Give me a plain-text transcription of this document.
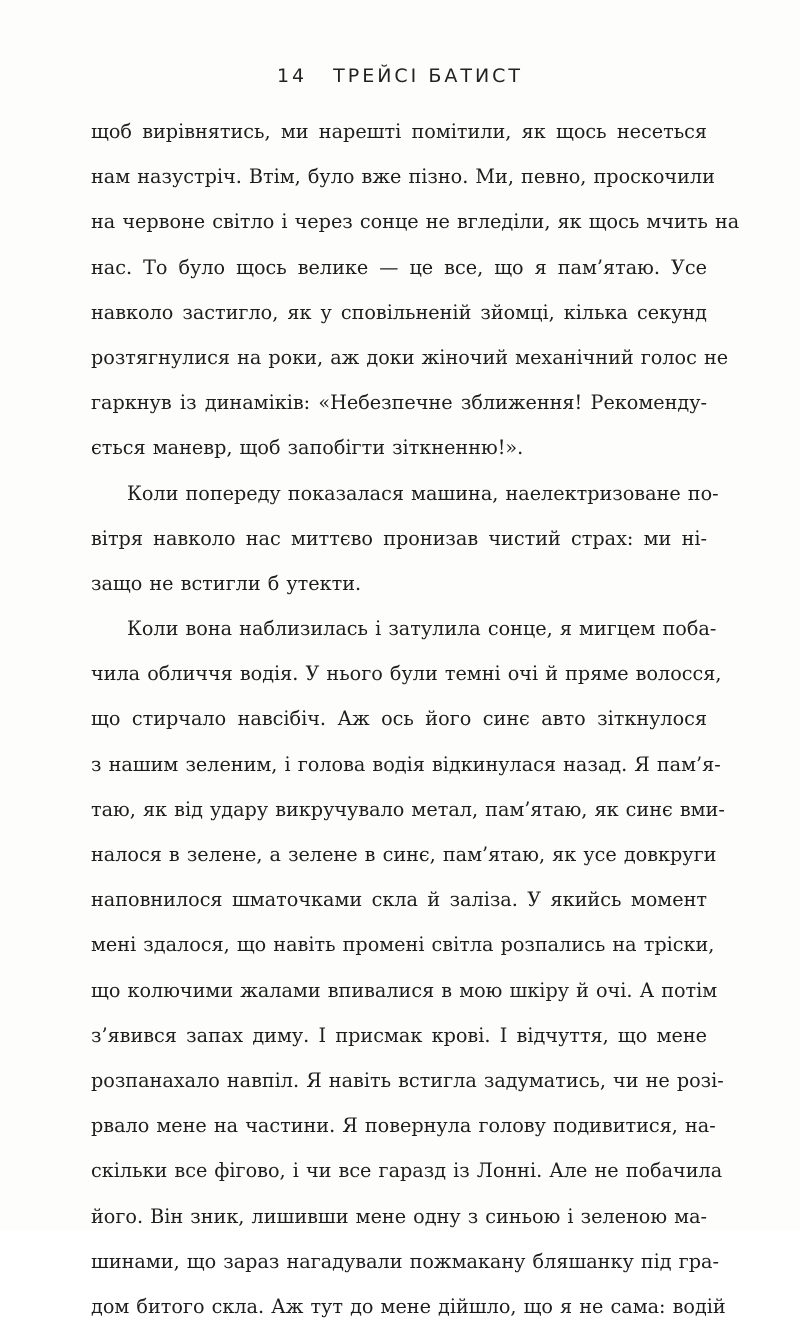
14 ТРЕЙСІ БАТИСТ

щоб вирівнятись, ми нарешті помітили, як щось несеться
нам назустріч. Втім, було вже пізно. Ми, певно, проскочили
на червоне світло і через сонце не вгледіли, як щось мчить на
нас. То було щось велике — це все, що я пам’ятаю. Усе
навколо застигло, як у сповільненій зйомці, кілька секунд
розтягнулися на роки, аж доки жіночий механічний голос не
гаркнув із динаміків: «Небезпечне зближення! Рекоменду-
ється маневр, щоб запобігти зіткненню!».

Коли попереду показалася машина, наелектризоване по-
вітря навколо нас миттєво пронизав чистий страх: ми ні-
защо не встигли б утекти.

Коли вона наблизилась і затулила сонце, я мигцем поба-
чила обличчя водія. У нього були темні очі й пряме волосся,
що стирчало навсібіч. Аж ось його синє авто зіткнулося
з нашим зеленим, і голова водія відкинулася назад. Я пам’я-
таю, як від удару викручувало метал, пам’ятаю, як синє вми-
налося в зелене, а зелене в синє, пам’ятаю, як усе довкруги
наповнилося шматочками скла й заліза. У якийсь момент
мені здалося, що навіть промені світла розпались на тріски,
що колючими жалами впивалися в мою шкіру й очі. А потім
з’явився запах диму. І присмак крові. І відчуття, що мене
розпанахало навпіл. Я навіть встигла задуматись, чи не розі-
рвало мене на частини. Я повернула голову подивитися, на-
скільки все фігово, і чи все гаразд із Лонні. Але не побачила
його. Він зник, лишивши мене одну з синьою і зеленою ма-
шинами, що зараз нагадували пожмакану бляшанку під гра-
дом битого скла. Аж тут до мене дійшло, що я не сама: водій
